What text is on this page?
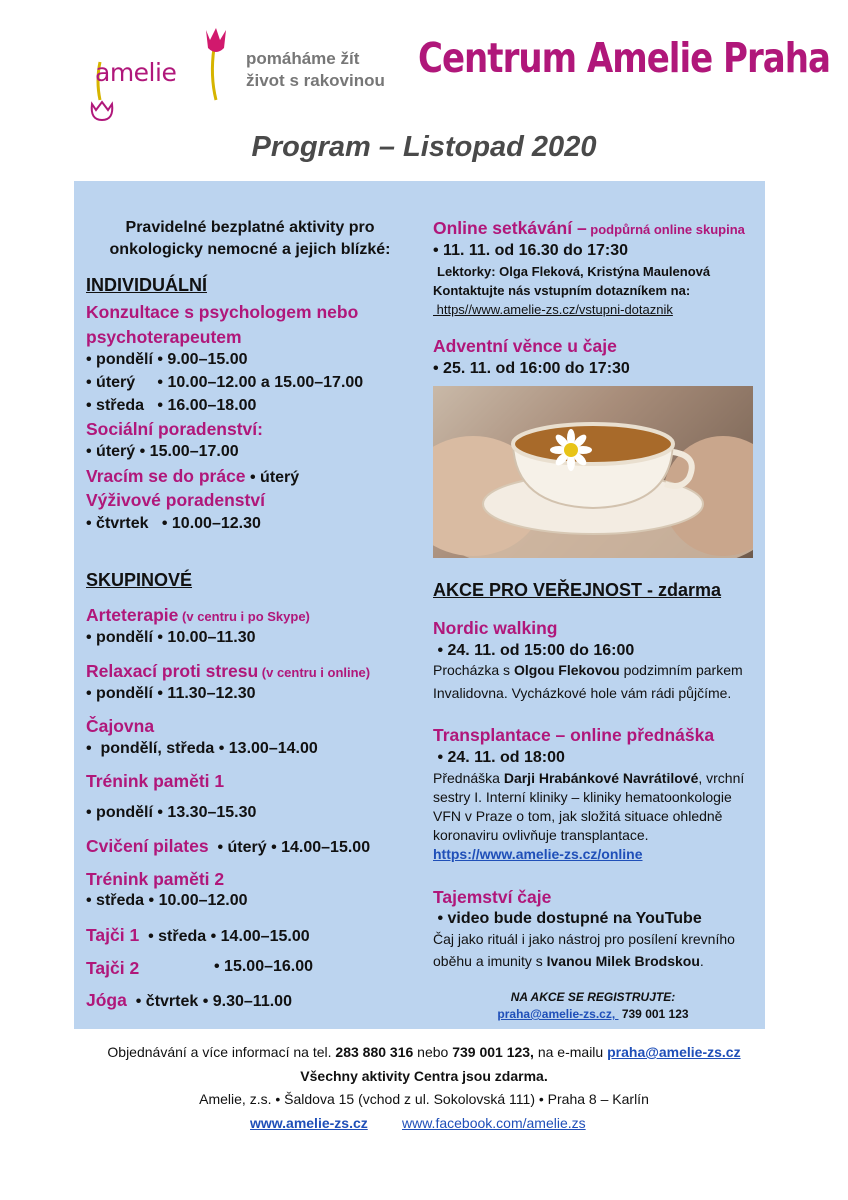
amelie	pomáháme žít
život s rakovinou Centrum Amelie Praha
Program – Listopad 2020
Pravidelné bezplatné aktivity pro
onkologicky nemocné a jejich blízké:
INDIVIDUÁLNÍ
Konzultace s psychologem nebo
psychoterapeutem
• pondělí • 9.00–15.00
• úterý     • 10.00–12.00 a 15.00–17.00
• středa   • 16.00–18.00
Sociální poradenství:
• úterý • 15.00–17.00
Vracím se do práce • úterý
Výživové poradenství
• čtvrtek   • 10.00–12.30
SKUPINOVÉ
Arteterapie (v centru i po Skype)
• pondělí • 10.00–11.30
Relaxací proti stresu (v centru i online)
• pondělí • 11.30–12.30
Čajovna
•  pondělí, středa • 13.00–14.00
Trénink paměti 1
• pondělí • 13.30–15.30
Cvičení pilates  • úterý • 14.00–15.00
Trénink paměti 2
• středa • 10.00–12.00
Tajči 1  • středa • 14.00–15.00
Tajči 2	• 15.00–16.00
Jóga  • čtvrtek • 9.30–11.00
Online setkávání – podpůrná online skupina
• 11. 11. od 16.30 do 17:30
Lektorky: Olga Fleková, Kristýna Maulenová
Kontaktujte nás vstupním dotazníkem na:
https//www.amelie-zs.cz/vstupni-dotaznik
Adventní věnce u čaje
• 25. 11. od 16:00 do 17:30
AKCE PRO VEŘEJNOST - zdarma
Nordic walking
• 24. 11. od 15:00 do 16:00
Procházka s Olgou Flekovou podzimním parkem
Invalidovna. Vycházkové hole vám rádi půjčíme.
Transplantace – online přednáška
• 24. 11. od 18:00
Přednáška Darji Hrabánkové Navrátilové, vrchní
sestry I. Interní kliniky – kliniky hematoonkologie
VFN v Praze o tom, jak složitá situace ohledně
koronaviru ovlivňuje transplantace.
https://www.amelie-zs.cz/online
Tajemství čaje
• video bude dostupné na YouTube
Čaj jako rituál i jako nástroj pro posílení krevního
oběhu a imunity s Ivanou Milek Brodskou.
NA AKCE SE REGISTRUJTE:
praha@amelie-zs.cz,  739 001 123
Objednávání a více informací na tel. 283 880 316 nebo 739 001 123, na e-mailu praha@amelie-zs.cz
Všechny aktivity Centra jsou zdarma.
Amelie, z.s. • Šaldova 15 (vchod z ul. Sokolovská 111) • Praha 8 – Karlín
www.amelie-zs.cz www.facebook.com/amelie.zs
